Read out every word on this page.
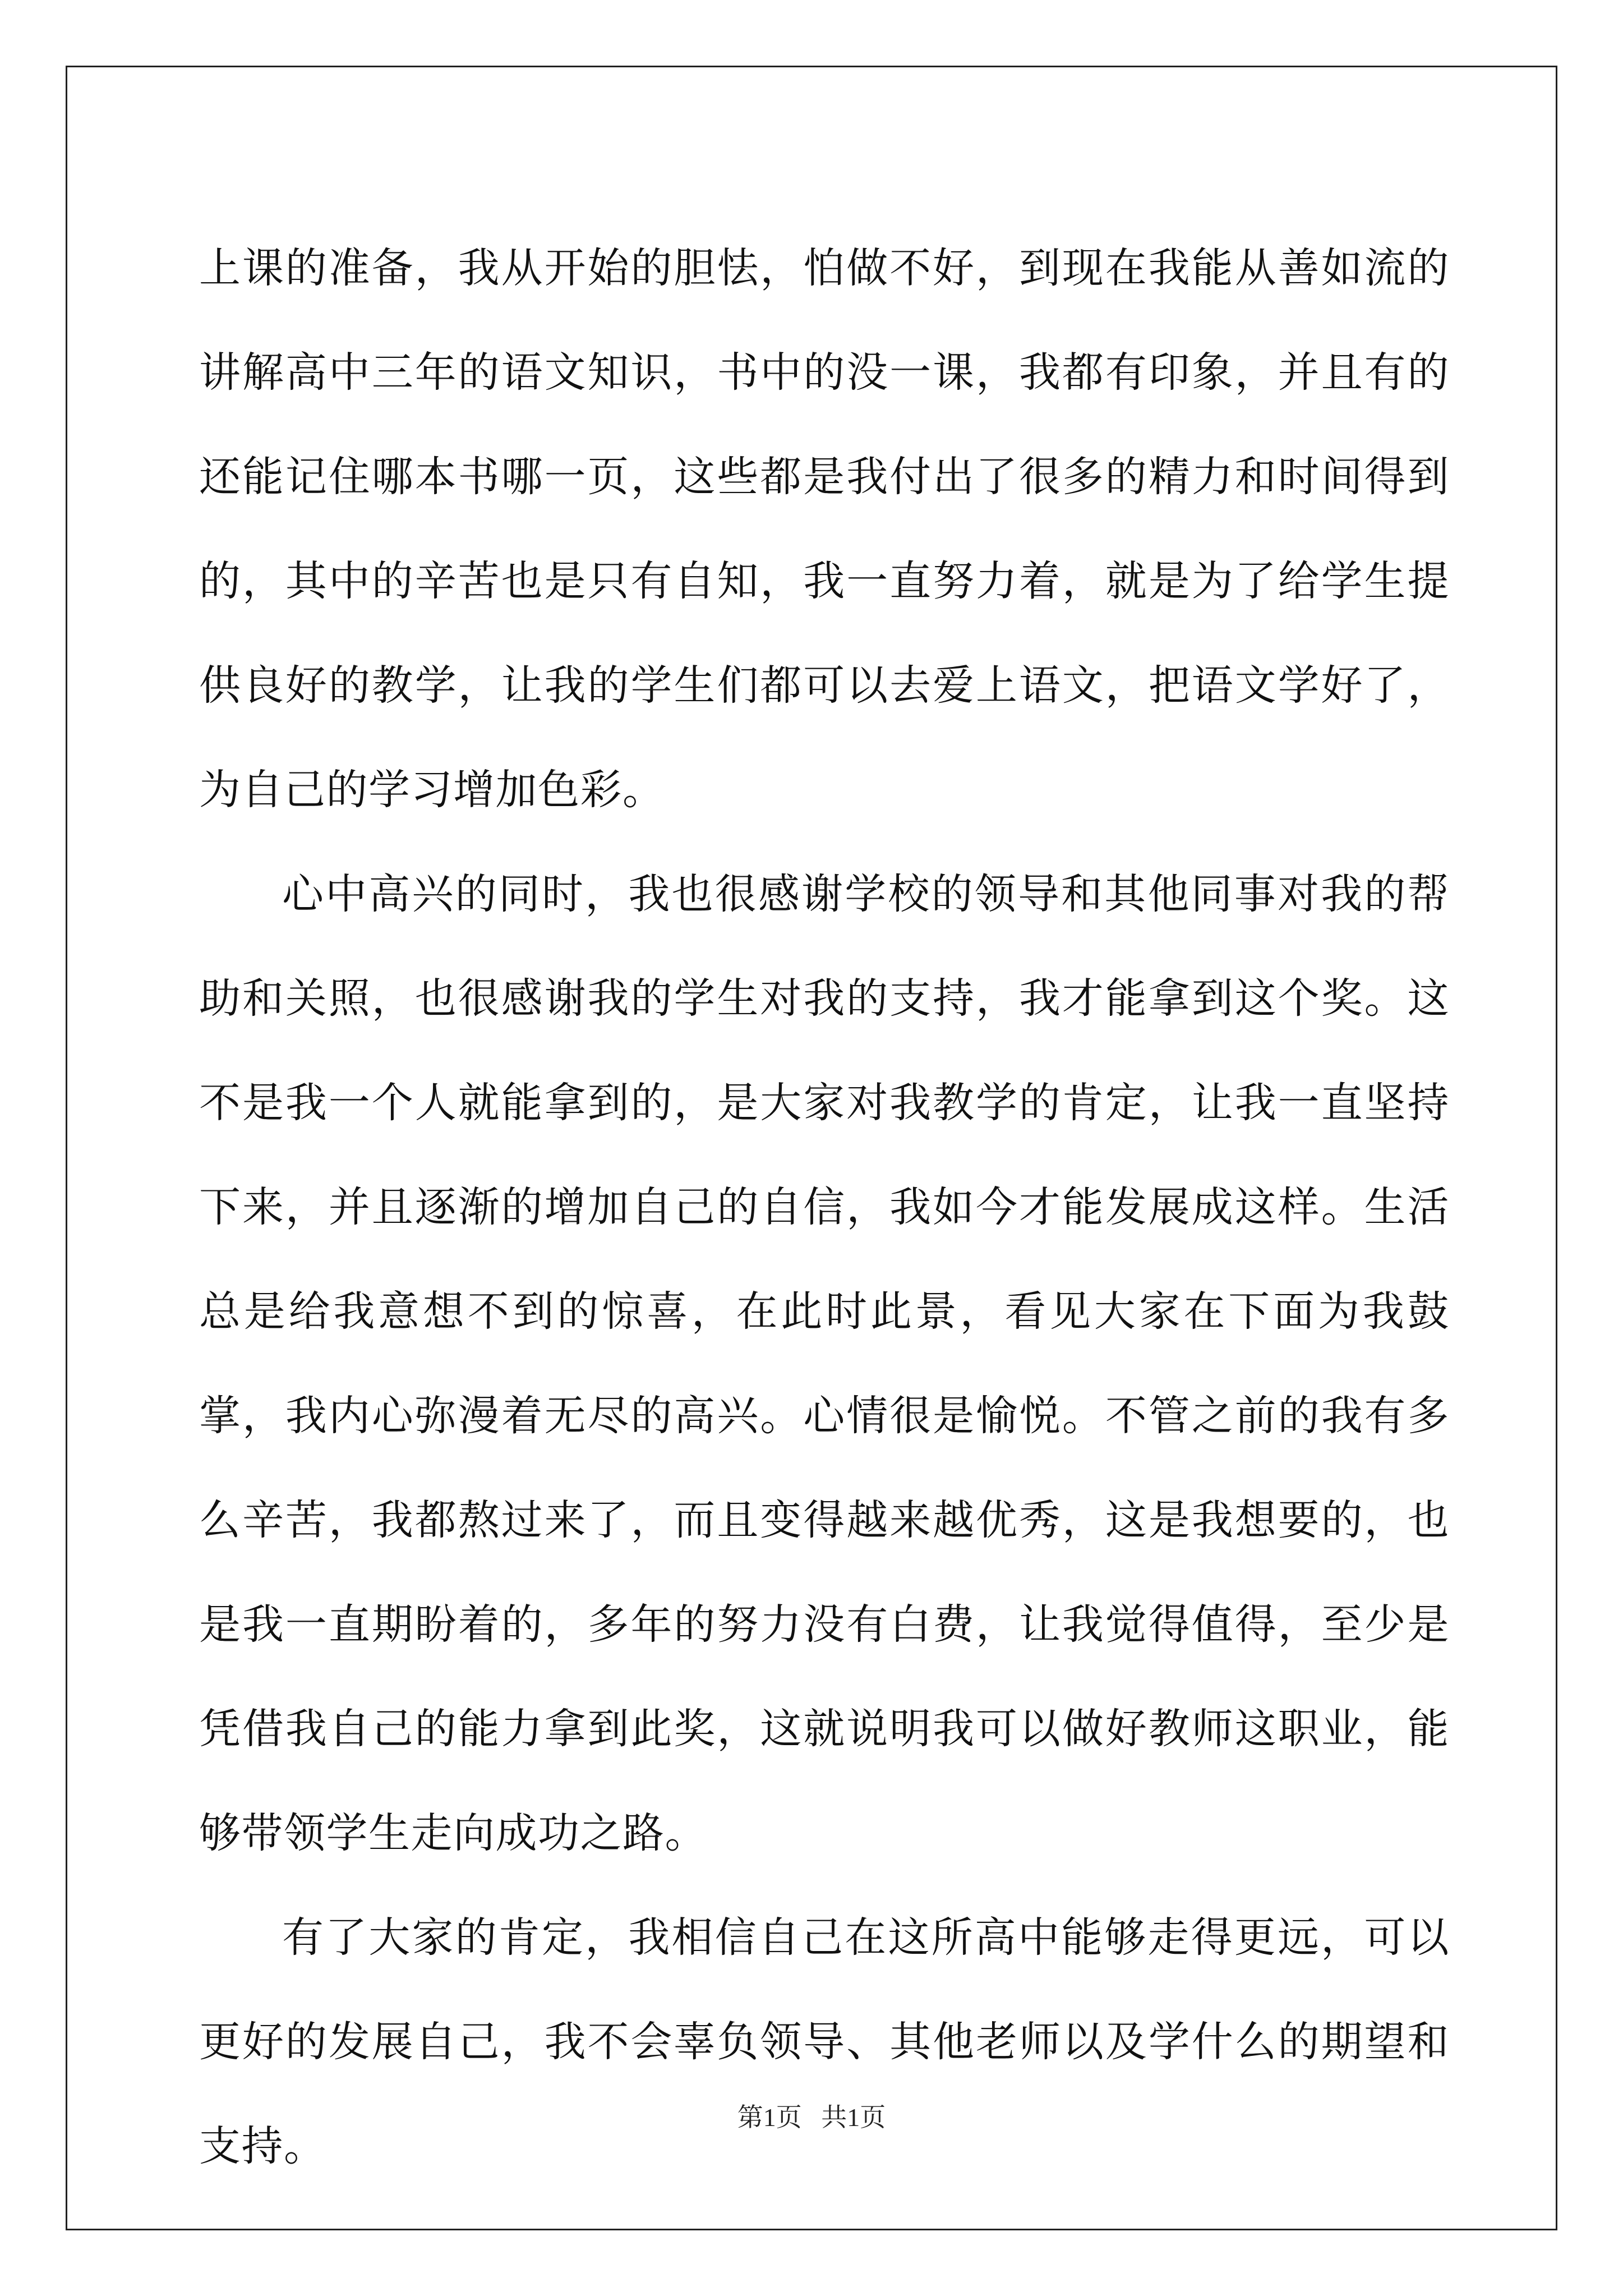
上课的准备，我从开始的胆怯，怕做不好，到现在我能从善如流的讲解高中三年的语文知识，书中的没一课，我都有印象，并且有的还能记住哪本书哪一页，这些都是我付出了很多的精力和时间得到的，其中的辛苦也是只有自知，我一直努力着，就是为了给学生提供良好的教学，让我的学生们都可以去爱上语文，把语文学好了，为自己的学习增加色彩。

心中高兴的同时，我也很感谢学校的领导和其他同事对我的帮助和关照，也很感谢我的学生对我的支持，我才能拿到这个奖。这不是我一个人就能拿到的，是大家对我教学的肯定，让我一直坚持下来，并且逐渐的增加自己的自信，我如今才能发展成这样。生活总是给我意想不到的惊喜，在此时此景，看见大家在下面为我鼓掌，我内心弥漫着无尽的高兴。心情很是愉悦。不管之前的我有多么辛苦，我都熬过来了，而且变得越来越优秀，这是我想要的，也是我一直期盼着的，多年的努力没有白费，让我觉得值得，至少是凭借我自己的能力拿到此奖，这就说明我可以做好教师这职业，能够带领学生走向成功之路。

有了大家的肯定，我相信自己在这所高中能够走得更远，可以更好的发展自己，我不会辜负领导、其他老师以及学什么的期望和支持。

第1页   共1页
